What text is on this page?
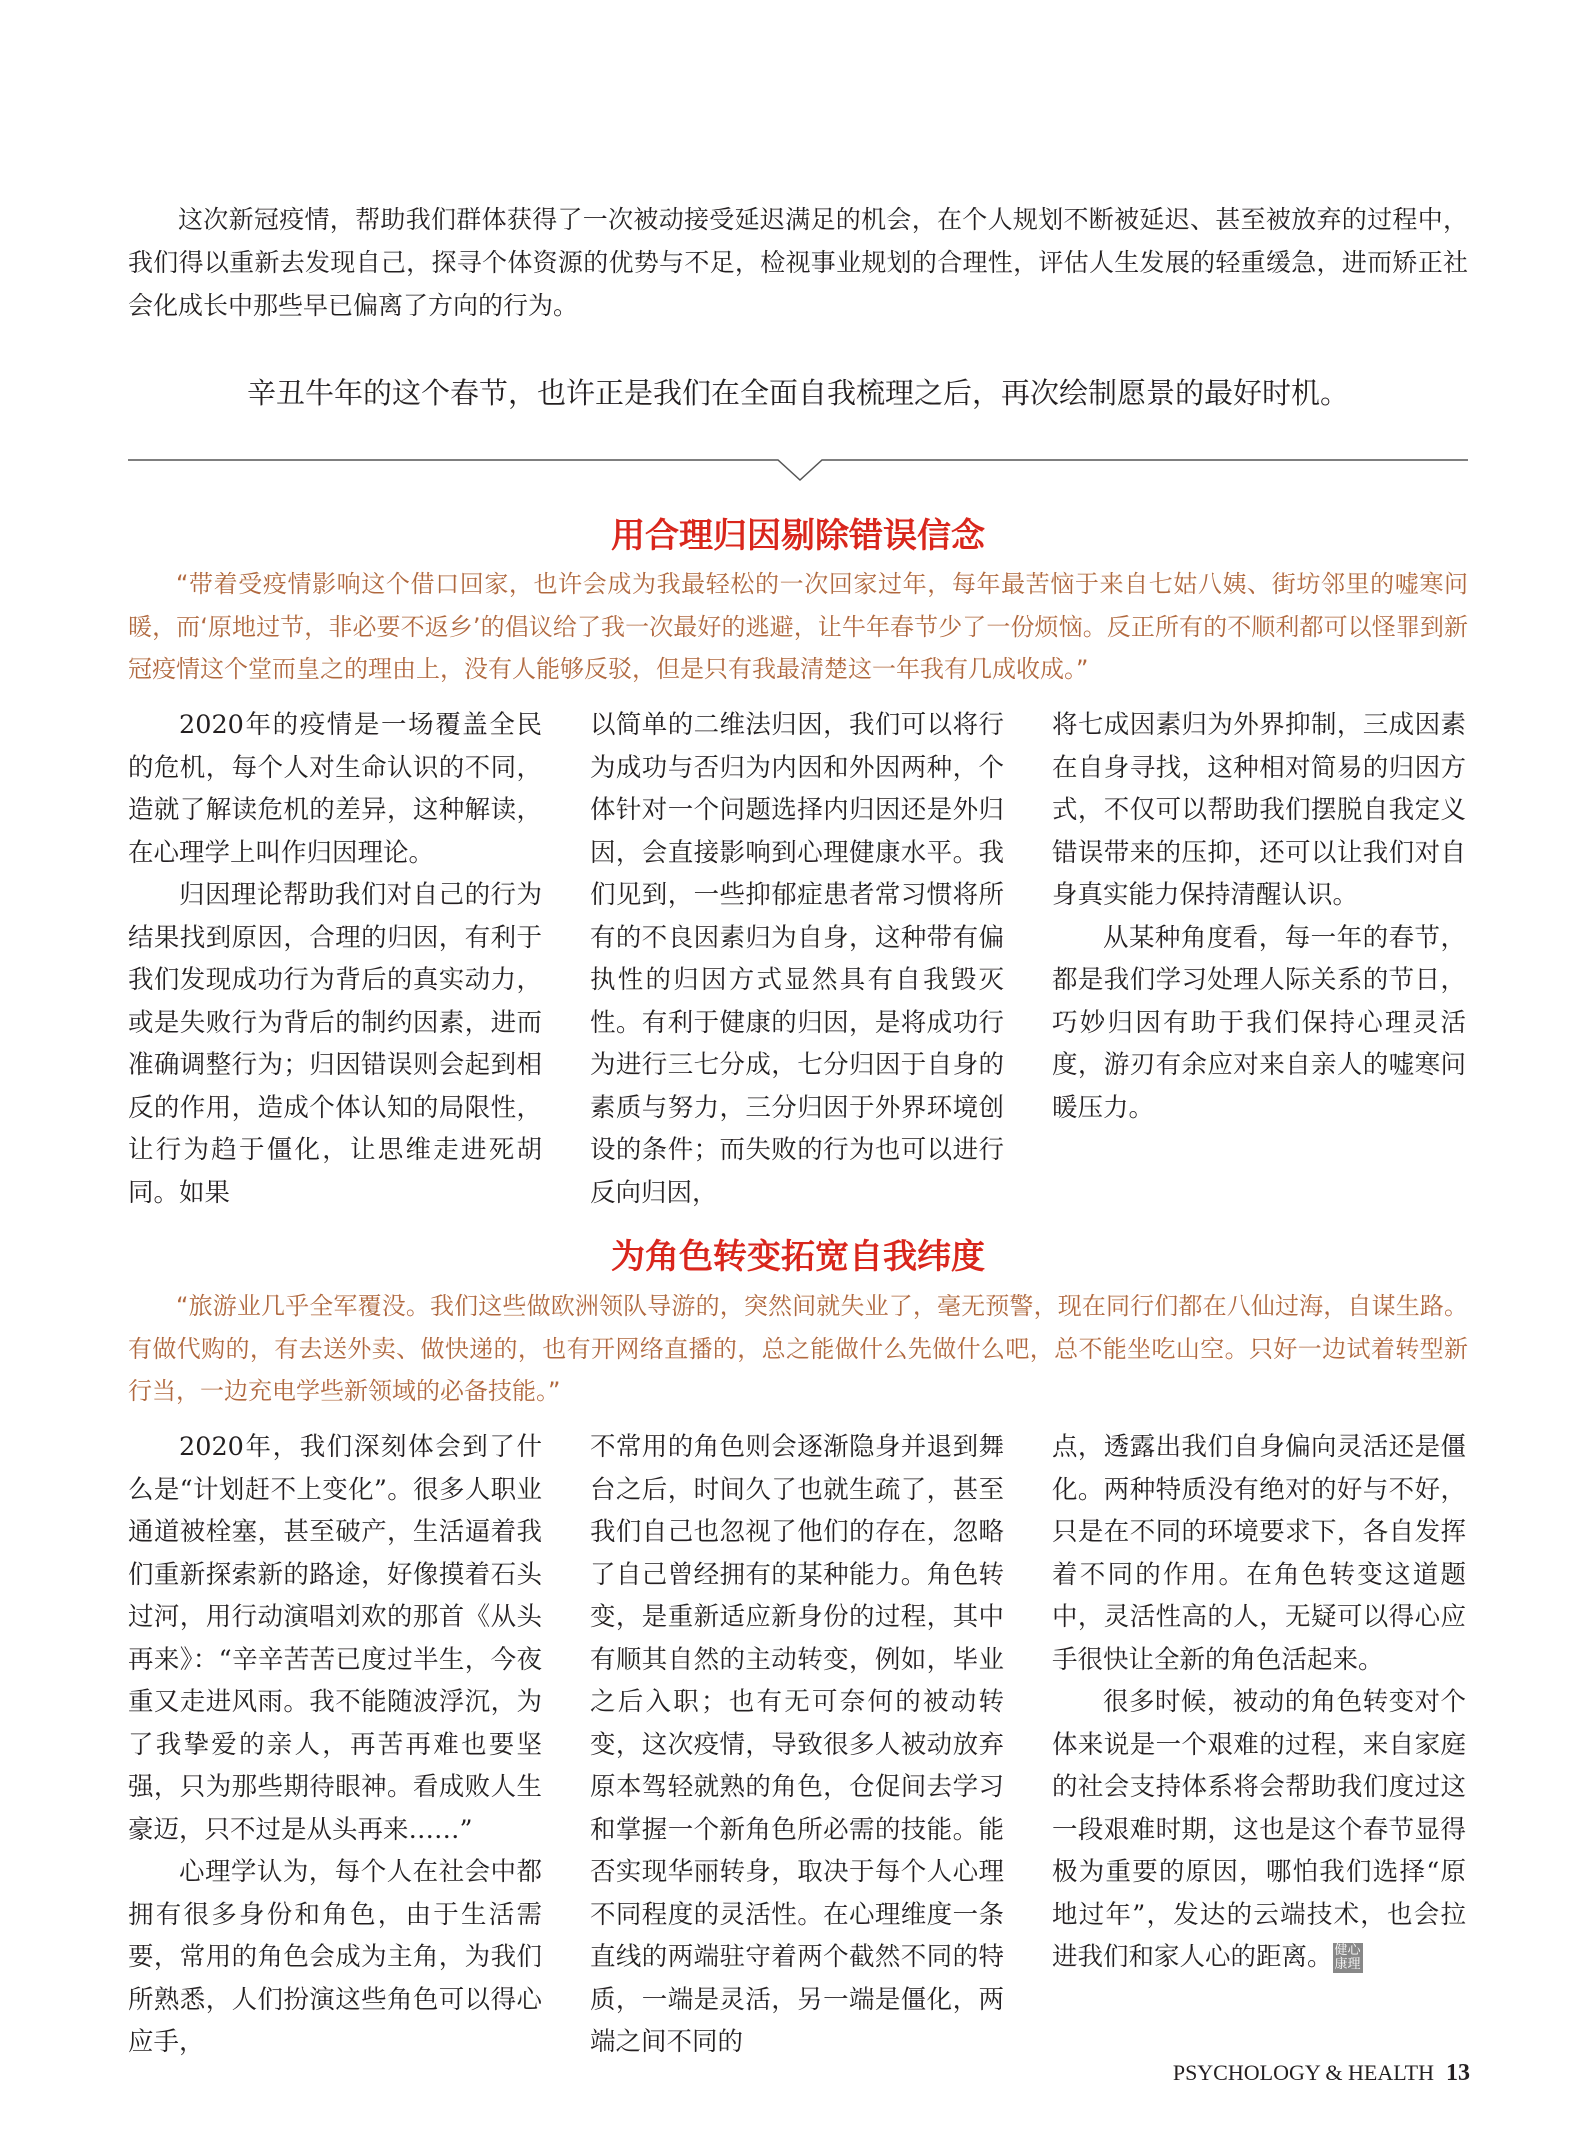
这次新冠疫情，帮助我们群体获得了一次被动接受延迟满足的机会，在个人规划不断被延迟、甚至被放弃的过程中，我们得以重新去发现自己，探寻个体资源的优势与不足，检视事业规划的合理性，评估人生发展的轻重缓急，进而矫正社会化成长中那些早已偏离了方向的行为。

辛丑牛年的这个春节，也许正是我们在全面自我梳理之后，再次绘制愿景的最好时机。

用合理归因剔除错误信念

“带着受疫情影响这个借口回家，也许会成为我最轻松的一次回家过年，每年最苦恼于来自七姑八姨、街坊邻里的嘘寒问暖，而‘原地过节，非必要不返乡’的倡议给了我一次最好的逃避，让牛年春节少了一份烦恼。反正所有的不顺利都可以怪罪到新冠疫情这个堂而皇之的理由上，没有人能够反驳，但是只有我最清楚这一年我有几成收成。”

2020年的疫情是一场覆盖全民的危机，每个人对生命认识的不同，造就了解读危机的差异，这种解读，在心理学上叫作归因理论。

归因理论帮助我们对自己的行为结果找到原因，合理的归因，有利于我们发现成功行为背后的真实动力，或是失败行为背后的制约因素，进而准确调整行为；归因错误则会起到相反的作用，造成个体认知的局限性，让行为趋于僵化，让思维走进死胡同。如果

以简单的二维法归因，我们可以将行为成功与否归为内因和外因两种，个体针对一个问题选择内归因还是外归因，会直接影响到心理健康水平。我们见到，一些抑郁症患者常习惯将所有的不良因素归为自身，这种带有偏执性的归因方式显然具有自我毁灭性。有利于健康的归因，是将成功行为进行三七分成，七分归因于自身的素质与努力，三分归因于外界环境创设的条件；而失败的行为也可以进行反向归因，

将七成因素归为外界抑制，三成因素在自身寻找，这种相对简易的归因方式，不仅可以帮助我们摆脱自我定义错误带来的压抑，还可以让我们对自身真实能力保持清醒认识。

从某种角度看，每一年的春节，都是我们学习处理人际关系的节日，巧妙归因有助于我们保持心理灵活度，游刃有余应对来自亲人的嘘寒问暖压力。

为角色转变拓宽自我纬度

“旅游业几乎全军覆没。我们这些做欧洲领队导游的，突然间就失业了，毫无预警，现在同行们都在八仙过海，自谋生路。有做代购的，有去送外卖、做快递的，也有开网络直播的，总之能做什么先做什么吧，总不能坐吃山空。只好一边试着转型新行当，一边充电学些新领域的必备技能。”

2020年，我们深刻体会到了什么是“计划赶不上变化”。很多人职业通道被栓塞，甚至破产，生活逼着我们重新探索新的路途，好像摸着石头过河，用行动演唱刘欢的那首《从头再来》：“辛辛苦苦已度过半生，今夜重又走进风雨。我不能随波浮沉，为了我挚爱的亲人，再苦再难也要坚强，只为那些期待眼神。看成败人生豪迈，只不过是从头再来……”

心理学认为，每个人在社会中都拥有很多身份和角色，由于生活需要，常用的角色会成为主角，为我们所熟悉，人们扮演这些角色可以得心应手，

不常用的角色则会逐渐隐身并退到舞台之后，时间久了也就生疏了，甚至我们自己也忽视了他们的存在，忽略了自己曾经拥有的某种能力。角色转变，是重新适应新身份的过程，其中有顺其自然的主动转变，例如，毕业之后入职；也有无可奈何的被动转变，这次疫情，导致很多人被动放弃原本驾轻就熟的角色，仓促间去学习和掌握一个新角色所必需的技能。能否实现华丽转身，取决于每个人心理不同程度的灵活性。在心理维度一条直线的两端驻守着两个截然不同的特质，一端是灵活，另一端是僵化，两端之间不同的

点，透露出我们自身偏向灵活还是僵化。两种特质没有绝对的好与不好，只是在不同的环境要求下，各自发挥着不同的作用。在角色转变这道题中，灵活性高的人，无疑可以得心应手很快让全新的角色活起来。

很多时候，被动的角色转变对个体来说是一个艰难的过程，来自家庭的社会支持体系将会帮助我们度过这一段艰难时期，这也是这个春节显得极为重要的原因，哪怕我们选择“原地过年”，发达的云端技术，也会拉进我们和家人心的距离。 健心康理

PSYCHOLOGY & HEALTH 13
